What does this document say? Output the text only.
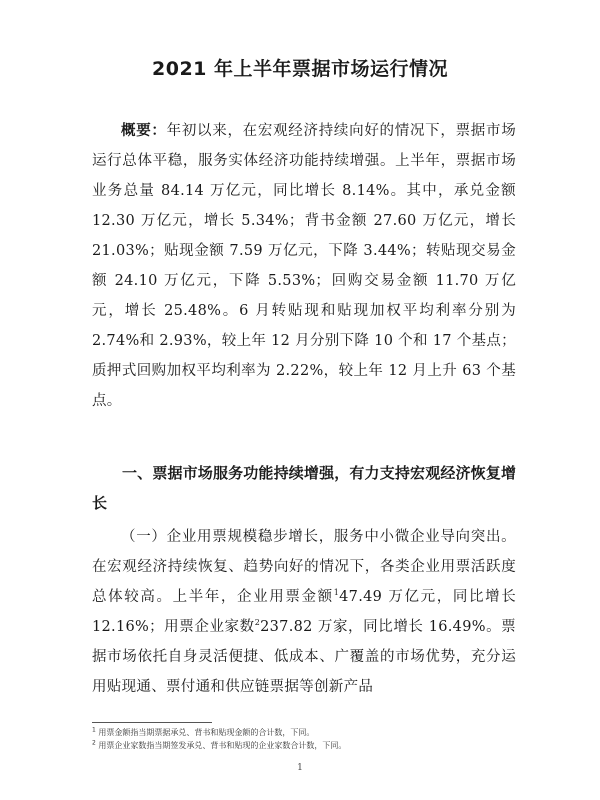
2021 年上半年票据市场运行情况

概要：年初以来，在宏观经济持续向好的情况下，票据市场运行总体平稳，服务实体经济功能持续增强。上半年，票据市场业务总量 84.14 万亿元，同比增长 8.14%。其中，承兑金额 12.30 万亿元，增长 5.34%；背书金额 27.60 万亿元，增长 21.03%；贴现金额 7.59 万亿元，下降 3.44%；转贴现交易金额 24.10 万亿元，下降 5.53%；回购交易金额 11.70 万亿元，增长 25.48%。6 月转贴现和贴现加权平均利率分别为 2.74%和 2.93%，较上年 12 月分别下降 10 个和 17 个基点；质押式回购加权平均利率为 2.22%，较上年 12 月上升 63 个基点。

一、票据市场服务功能持续增强，有力支持宏观经济恢复增长

（一）企业用票规模稳步增长，服务中小微企业导向突出。在宏观经济持续恢复、趋势向好的情况下，各类企业用票活跃度总体较高。上半年，企业用票金额$^1$47.49 万亿元，同比增长 12.16%；用票企业家数$^2$237.82 万家，同比增长 16.49%。票据市场依托自身灵活便捷、低成本、广覆盖的市场优势，充分运用贴现通、票付通和供应链票据等创新产品

$^1$ 用票金额指当期票据承兑、背书和贴现金额的合计数，下同。
$^2$ 用票企业家数指当期签发承兑、背书和贴现的企业家数合计数，下同。
1
